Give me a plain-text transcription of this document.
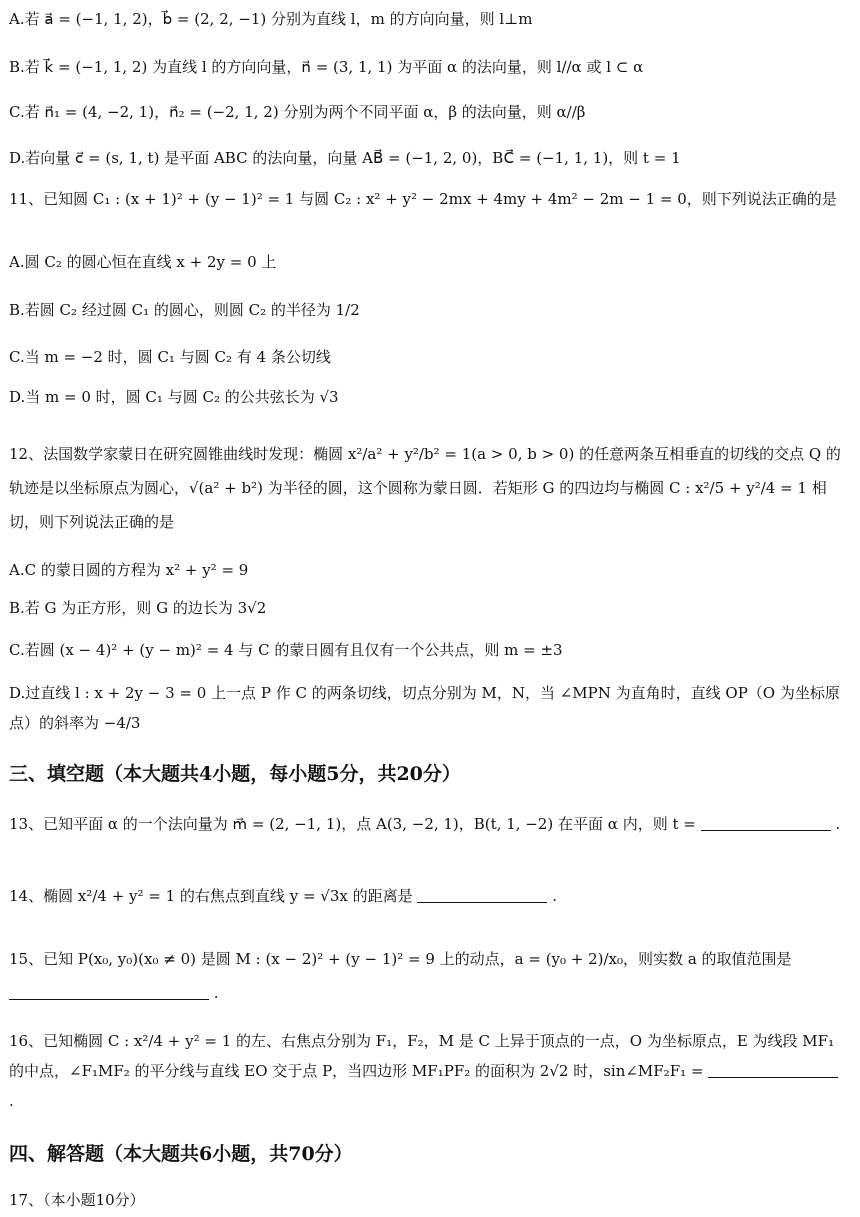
A.若 a⃗ = (−1, 1, 2)，b⃗ = (2, 2, −1) 分别为直线 l，m 的方向向量，则 l⊥m
B.若 k⃗ = (−1, 1, 2) 为直线 l 的方向向量，n⃗ = (3, 1, 1) 为平面 α 的法向量，则 l//α 或 l ⊂ α
C.若 n⃗₁ = (4, −2, 1)，n⃗₂ = (−2, 1, 2) 分别为两个不同平面 α，β 的法向量，则 α//β
D.若向量 c⃗ = (s, 1, t) 是平面 ABC 的法向量，向量 AB⃗ = (−1, 2, 0)，BC⃗ = (−1, 1, 1)，则 t = 1
11、已知圆 C₁ : (x + 1)² + (y − 1)² = 1 与圆 C₂ : x² + y² − 2mx + 4my + 4m² − 2m − 1 = 0，则下列说法正确的是
A.圆 C₂ 的圆心恒在直线 x + 2y = 0 上
B.若圆 C₂ 经过圆 C₁ 的圆心，则圆 C₂ 的半径为 1/2
C.当 m = −2 时，圆 C₁ 与圆 C₂ 有 4 条公切线
D.当 m = 0 时，圆 C₁ 与圆 C₂ 的公共弦长为 √3
12、法国数学家蒙日在研究圆锥曲线时发现：椭圆 x²/a² + y²/b² = 1(a > 0, b > 0) 的任意两条互相垂直的切线的交点 Q 的轨迹是以坐标原点为圆心，√(a² + b²) 为半径的圆，这个圆称为蒙日圆．若矩形 G 的四边均与椭圆 C : x²/5 + y²/4 = 1 相切，则下列说法正确的是
A.C 的蒙日圆的方程为 x² + y² = 9
B.若 G 为正方形，则 G 的边长为 3√2
C.若圆 (x − 4)² + (y − m)² = 4 与 C 的蒙日圆有且仅有一个公共点，则 m = ±3
D.过直线 l : x + 2y − 3 = 0 上一点 P 作 C 的两条切线，切点分别为 M，N，当 ∠MPN 为直角时，直线 OP（O 为坐标原点）的斜率为 −4/3
三、填空题（本大题共4小题，每小题5分，共20分）
13、已知平面 α 的一个法向量为 m⃗ = (2, −1, 1)，点 A(3, −2, 1)，B(t, 1, −2) 在平面 α 内，则 t =	.
14、椭圆 x²/4 + y² = 1 的右焦点到直线 y = √3x 的距离是	.
15、已知 P(x₀, y₀)(x₀ ≠ 0) 是圆 M : (x − 2)² + (y − 1)² = 9 上的动点，a = (y₀ + 2)/x₀，则实数 a 的取值范围是  .
16、已知椭圆 C : x²/4 + y² = 1 的左、右焦点分别为 F₁，F₂，M 是 C 上异于顶点的一点，O 为坐标原点，E 为线段 MF₁ 的中点，∠F₁MF₂ 的平分线与直线 EO 交于点 P，当四边形 MF₁PF₂ 的面积为 2√2 时，sin∠MF₂F₁ =  .
四、解答题（本大题共6小题，共70分）
17、（本小题10分）
